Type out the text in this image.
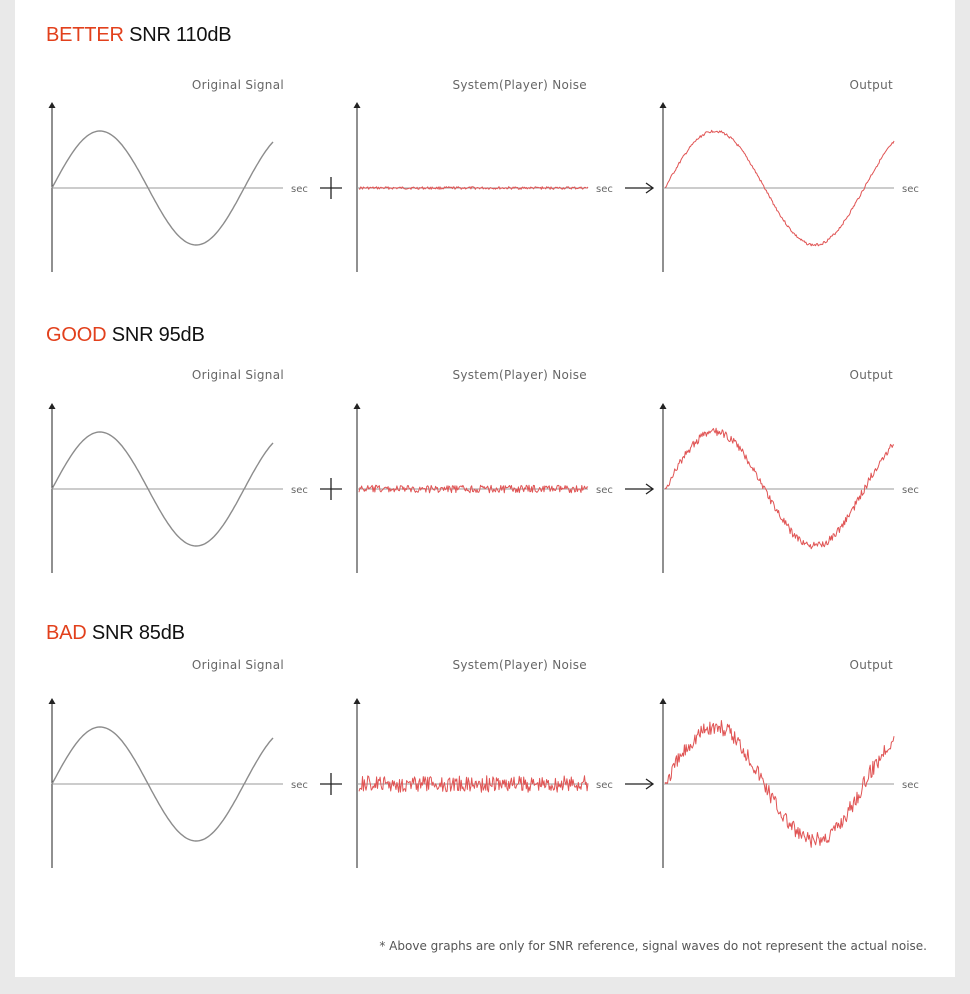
BETTER SNR 110dB
Original Signal	System(Player) Noise	Output
sec	sec	sec
GOOD SNR 95dB
Original Signal	System(Player) Noise	Output
sec	sec	sec
BAD SNR 85dB
Original Signal	System(Player) Noise	Output
sec	sec	sec
* Above graphs are only for SNR reference, signal waves do not represent the actual noise.
